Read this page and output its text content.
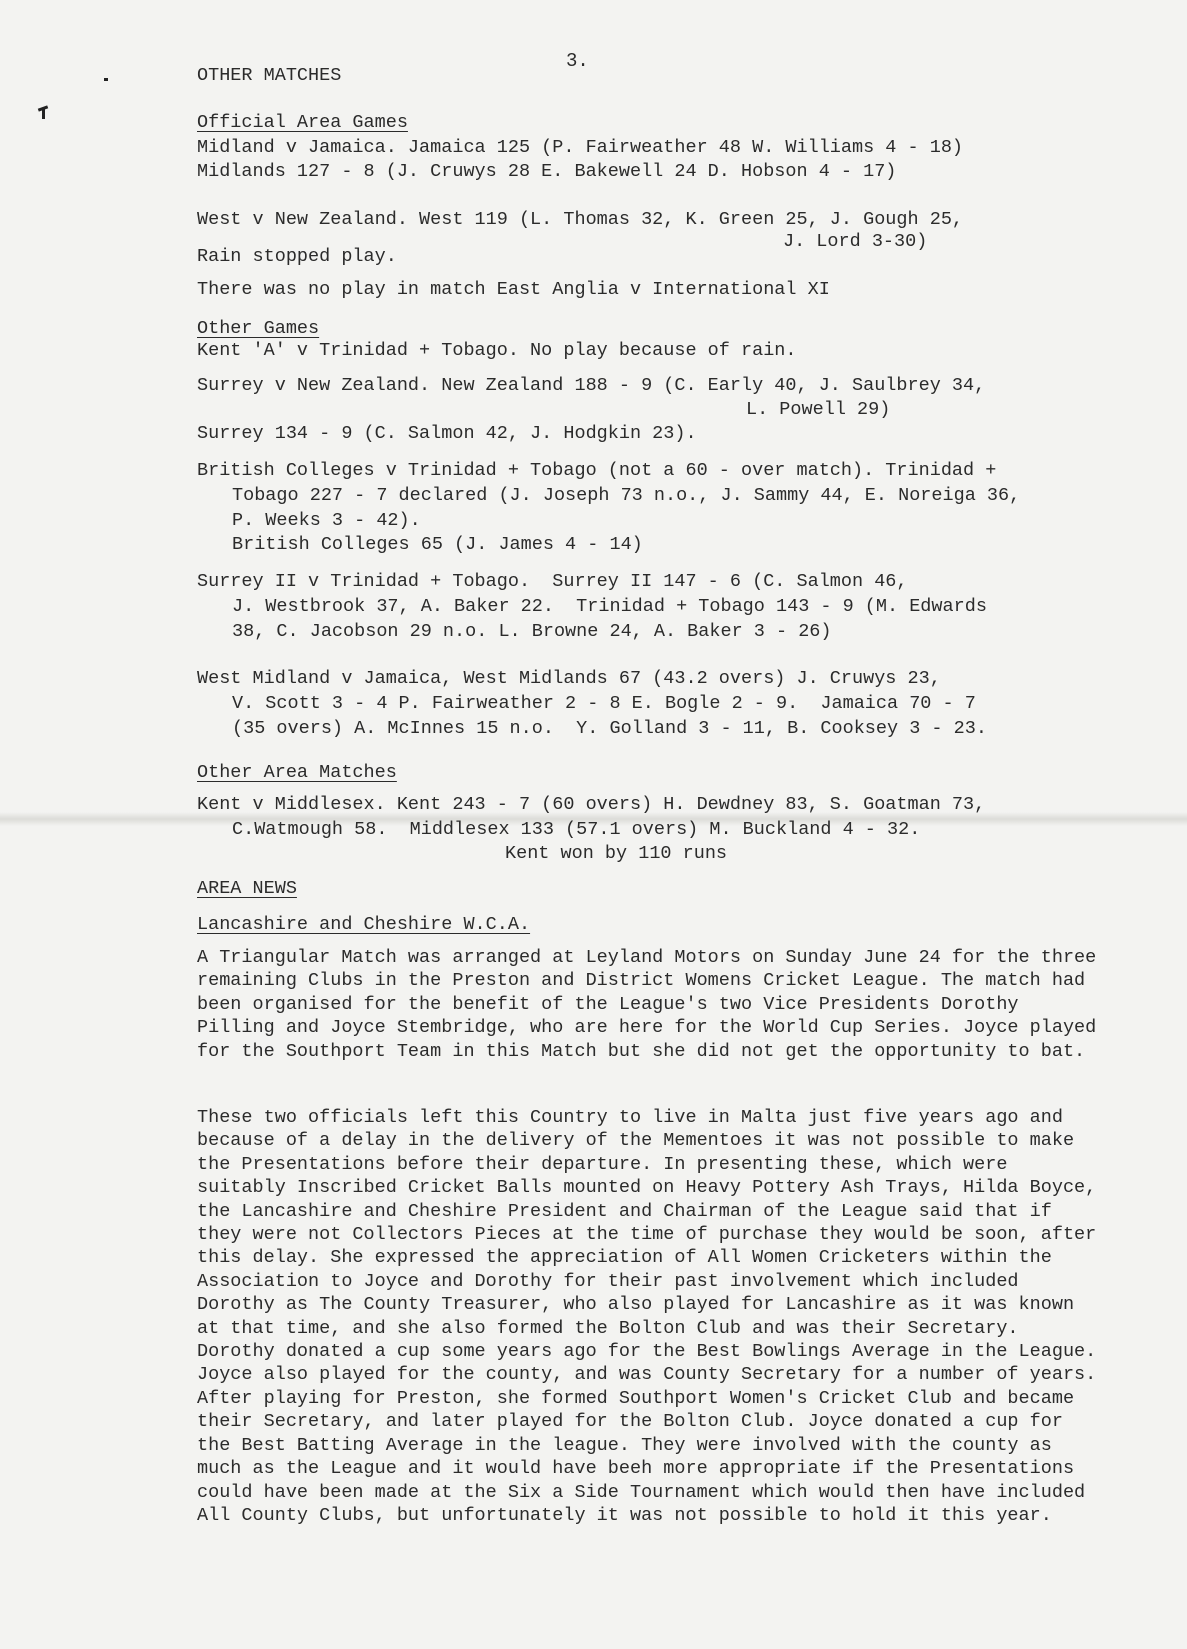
3.
OTHER MATCHES
Official Area Games
Midland v Jamaica. Jamaica 125 (P. Fairweather 48 W. Williams 4 - 18)
Midlands 127 - 8 (J. Cruwys 28 E. Bakewell 24 D. Hobson 4 - 17)
West v New Zealand. West 119 (L. Thomas 32, K. Green 25, J. Gough 25,
J. Lord 3-30)
Rain stopped play.
There was no play in match East Anglia v International XI
Other Games
Kent 'A' v Trinidad + Tobago. No play because of rain.
Surrey v New Zealand. New Zealand 188 - 9 (C. Early 40, J. Saulbrey 34,
L. Powell 29)
Surrey 134 - 9 (C. Salmon 42, J. Hodgkin 23).
British Colleges v Trinidad + Tobago (not a 60 - over match). Trinidad +
Tobago 227 - 7 declared (J. Joseph 73 n.o., J. Sammy 44, E. Noreiga 36,
P. Weeks 3 - 42).
British Colleges 65 (J. James 4 - 14)
Surrey II v Trinidad + Tobago.  Surrey II 147 - 6 (C. Salmon 46,
J. Westbrook 37, A. Baker 22.  Trinidad + Tobago 143 - 9 (M. Edwards
38, C. Jacobson 29 n.o. L. Browne 24, A. Baker 3 - 26)
West Midland v Jamaica, West Midlands 67 (43.2 overs) J. Cruwys 23,
V. Scott 3 - 4 P. Fairweather 2 - 8 E. Bogle 2 - 9.  Jamaica 70 - 7
(35 overs) A. McInnes 15 n.o.  Y. Golland 3 - 11, B. Cooksey 3 - 23.
Other Area Matches
Kent v Middlesex. Kent 243 - 7 (60 overs) H. Dewdney 83, S. Goatman 73,
C.Watmough 58.  Middlesex 133 (57.1 overs) M. Buckland 4 - 32.
Kent won by 110 runs
AREA NEWS
Lancashire and Cheshire W.C.A.

A Triangular Match was arranged at Leyland Motors on Sunday June 24 for the three remaining Clubs in the Preston and District Womens Cricket League. The match had been organised for the benefit of the League's two Vice Presidents Dorothy Pilling and Joyce Stembridge, who are here for the World Cup Series. Joyce played for the Southport Team in this Match but she did not get the opportunity to bat.

These two officials left this Country to live in Malta just five years ago and because of a delay in the delivery of the Mementoes it was not possible to make the Presentations before their departure. In presenting these, which were suitably Inscribed Cricket Balls mounted on Heavy Pottery Ash Trays, Hilda Boyce, the Lancashire and Cheshire President and Chairman of the League said that if they were not Collectors Pieces at the time of purchase they would be soon, after this delay. She expressed the appreciation of All Women Cricketers within the Association to Joyce and Dorothy for their past involvement which included Dorothy as The County Treasurer, who also played for Lancashire as it was known at that time, and she also formed the Bolton Club and was their Secretary. Dorothy donated a cup some years ago for the Best Bowlings Average in the League. Joyce also played for the county, and was County Secretary for a number of years. After playing for Preston, she formed Southport Women's Cricket Club and became their Secretary, and later played for the Bolton Club. Joyce donated a cup for the Best Batting Average in the league. They were involved with the county as much as the League and it would have beeh more appropriate if the Presentations could have been made at the Six a Side Tournament which would then have included All County Clubs, but unfortunately it was not possible to hold it this year.
